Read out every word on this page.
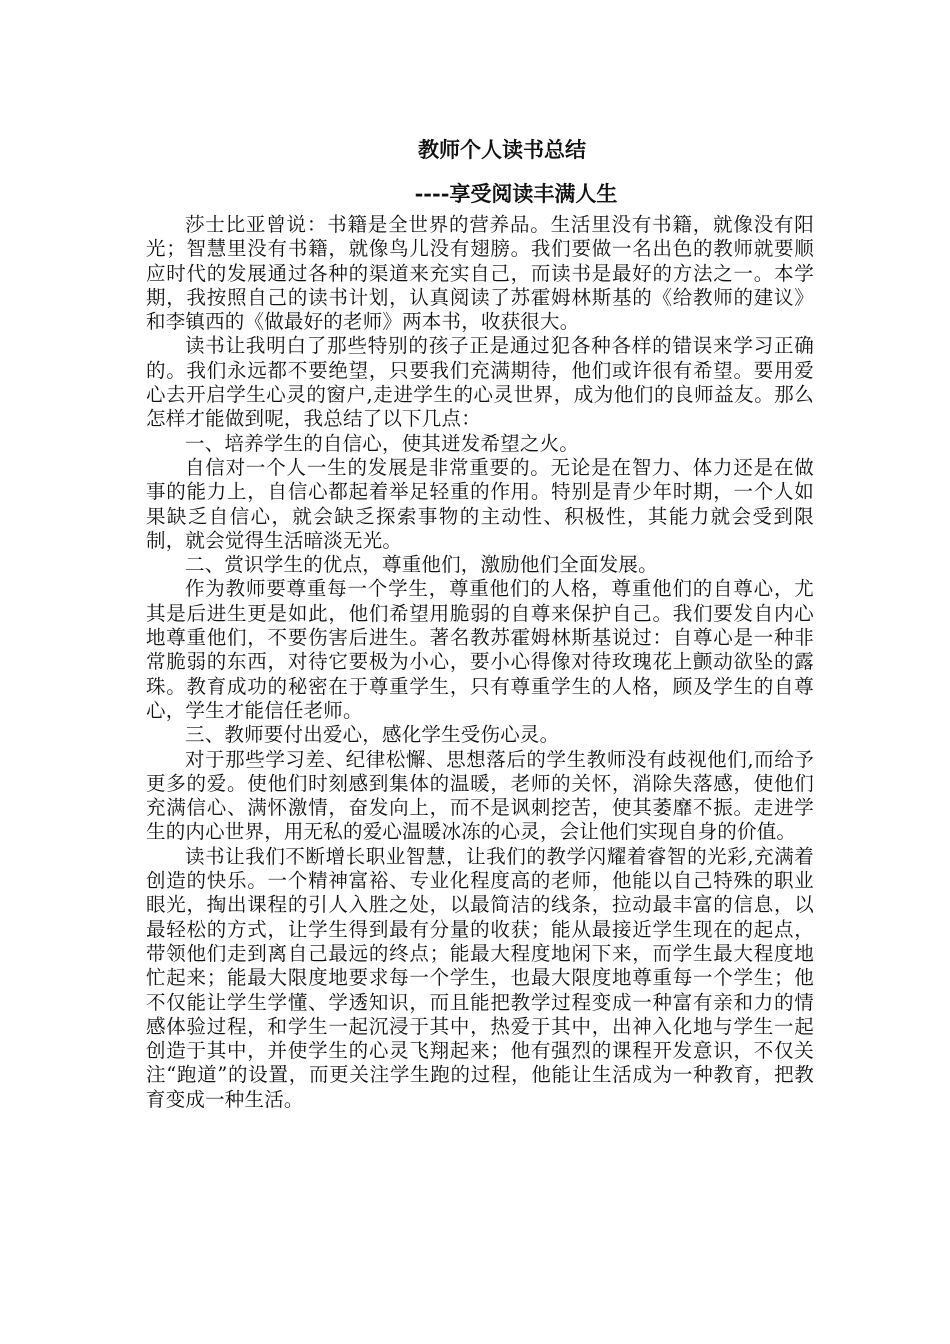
教师个人读书总结
----享受阅读丰满人生

莎士比亚曾说：书籍是全世界的营养品。生活里没有书籍，就像没有阳光；智慧里没有书籍，就像鸟儿没有翅膀。我们要做一名出色的教师就要顺应时代的发展通过各种的渠道来充实自己，而读书是最好的方法之一。本学期，我按照自己的读书计划，认真阅读了苏霍姆林斯基的《给教师的建议》和李镇西的《做最好的老师》两本书，收获很大。

读书让我明白了那些特别的孩子正是通过犯各种各样的错误来学习正确的。我们永远都不要绝望，只要我们充满期待，他们或许很有希望。要用爱心去开启学生心灵的窗户,走进学生的心灵世界，成为他们的良师益友。那么怎样才能做到呢，我总结了以下几点：

一、培养学生的自信心，使其迸发希望之火。

自信对一个人一生的发展是非常重要的。无论是在智力、体力还是在做事的能力上，自信心都起着举足轻重的作用。特别是青少年时期，一个人如果缺乏自信心，就会缺乏探索事物的主动性、积极性，其能力就会受到限制，就会觉得生活暗淡无光。

二、赏识学生的优点，尊重他们，激励他们全面发展。

作为教师要尊重每一个学生，尊重他们的人格，尊重他们的自尊心，尤其是后进生更是如此，他们希望用脆弱的自尊来保护自己。我们要发自内心地尊重他们，不要伤害后进生。著名教苏霍姆林斯基说过：自尊心是一种非常脆弱的东西，对待它要极为小心，要小心得像对待玫瑰花上颤动欲坠的露珠。教育成功的秘密在于尊重学生，只有尊重学生的人格，顾及学生的自尊心，学生才能信任老师。

三、教师要付出爱心，感化学生受伤心灵。

对于那些学习差、纪律松懈、思想落后的学生教师没有歧视他们,而给予更多的爱。使他们时刻感到集体的温暖，老师的关怀，消除失落感，使他们充满信心、满怀激情，奋发向上，而不是讽刺挖苦，使其萎靡不振。走进学生的内心世界，用无私的爱心温暖冰冻的心灵，会让他们实现自身的价值。

读书让我们不断增长职业智慧，让我们的教学闪耀着睿智的光彩,充满着创造的快乐。一个精神富裕、专业化程度高的老师，他能以自己特殊的职业眼光，掏出课程的引人入胜之处，以最简洁的线条，拉动最丰富的信息，以最轻松的方式，让学生得到最有分量的收获；能从最接近学生现在的起点，带领他们走到离自己最远的终点；能最大程度地闲下来，而学生最大程度地忙起来；能最大限度地要求每一个学生，也最大限度地尊重每一个学生；他不仅能让学生学懂、学透知识，而且能把教学过程变成一种富有亲和力的情感体验过程，和学生一起沉浸于其中，热爱于其中，出神入化地与学生一起创造于其中，并使学生的心灵飞翔起来；他有强烈的课程开发意识，不仅关注“跑道”的设置，而更关注学生跑的过程，他能让生活成为一种教育，把教育变成一种生活。
